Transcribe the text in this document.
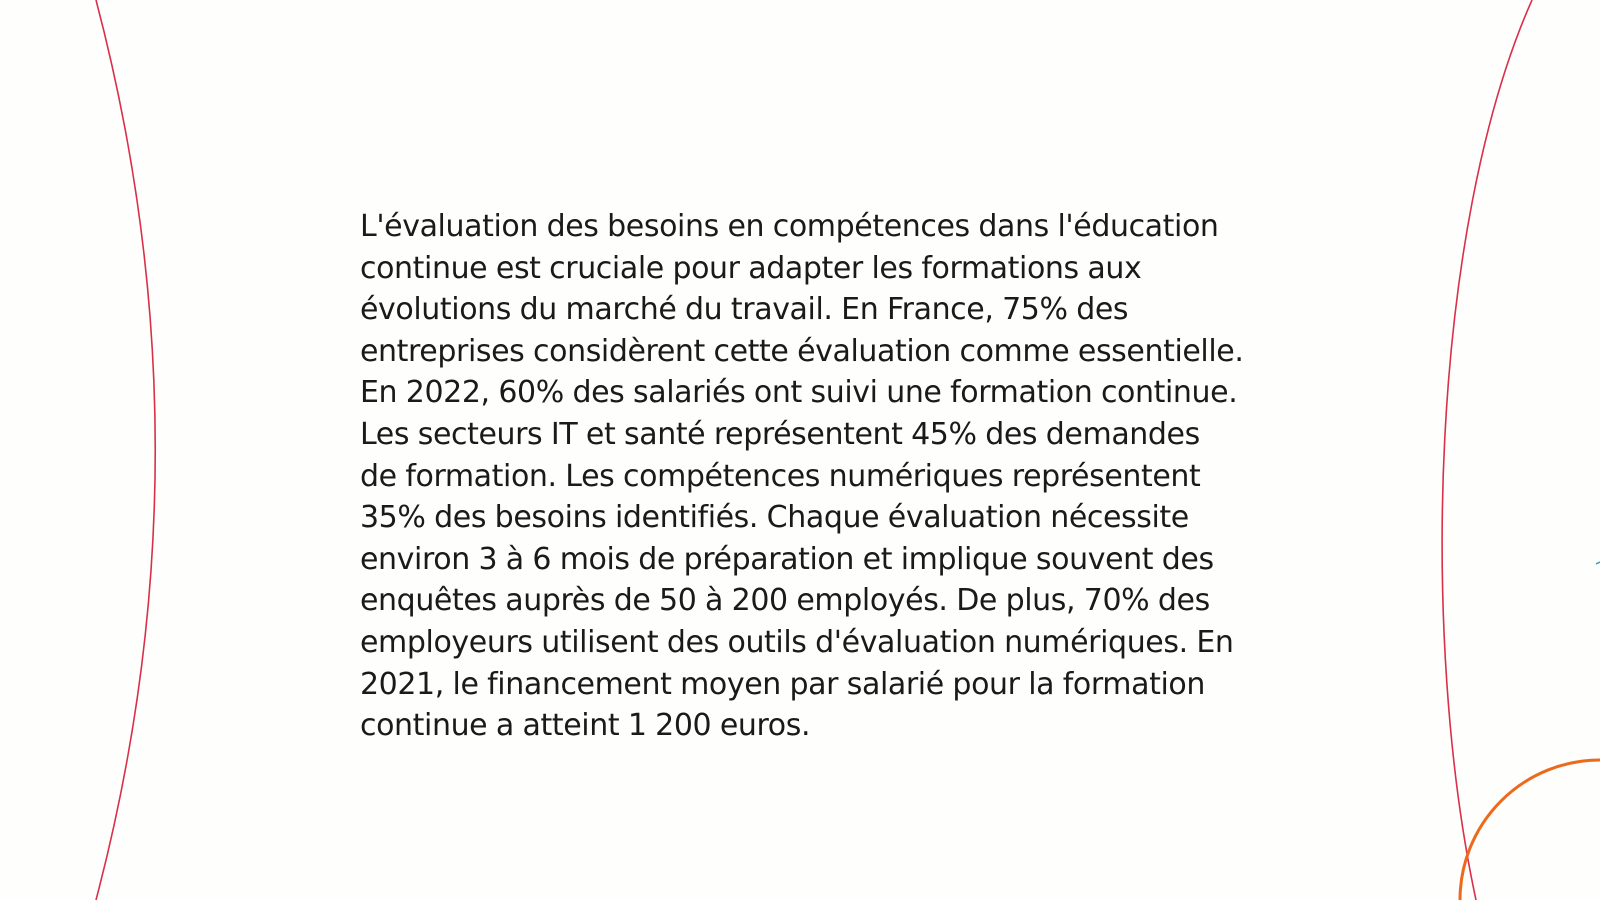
L'évaluation des besoins en compétences dans l'éducation continue est cruciale pour adapter les formations aux évolutions du marché du travail. En France, 75% des entreprises considèrent cette évaluation comme essentielle. En 2022, 60% des salariés ont suivi une formation continue. Les secteurs IT et santé représentent 45% des demandes de formation. Les compétences numériques représentent 35% des besoins identifiés. Chaque évaluation nécessite environ 3 à 6 mois de préparation et implique souvent des enquêtes auprès de 50 à 200 employés. De plus, 70% des employeurs utilisent des outils d'évaluation numériques. En 2021, le financement moyen par salarié pour la formation continue a atteint 1 200 euros.
